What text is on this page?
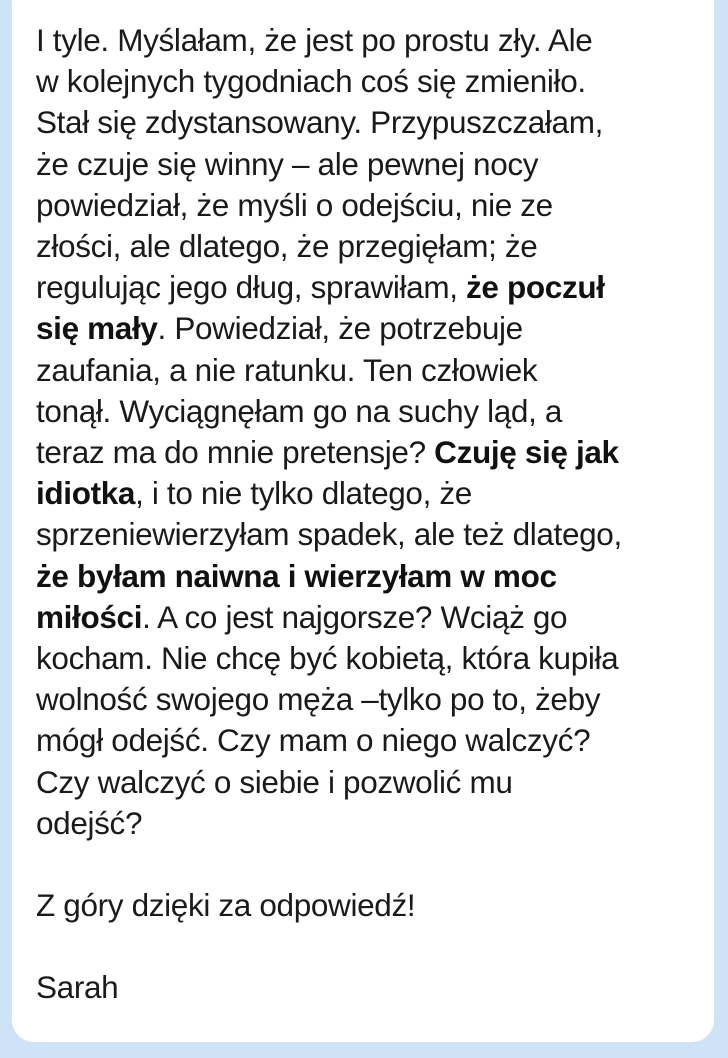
I tyle. Myślałam, że jest po prostu zły. Ale

w kolejnych tygodniach coś się zmieniło.

Stał się zdystansowany. Przypuszczałam,

że czuje się winny – ale pewnej nocy

powiedział, że myśli o odejściu, nie ze

złości, ale dlatego, że przegięłam; że

regulując jego dług, sprawiłam, że poczuł

się mały. Powiedział, że potrzebuje

zaufania, a nie ratunku. Ten człowiek

tonął. Wyciągnęłam go na suchy ląd, a

teraz ma do mnie pretensje? Czuję się jak

idiotka, i to nie tylko dlatego, że

sprzeniewierzyłam spadek, ale też dlatego,

że byłam naiwna i wierzyłam w moc

miłości. A co jest najgorsze? Wciąż go

kocham. Nie chcę być kobietą, która kupiła

wolność swojego męża –tylko po to, żeby

mógł odejść. Czy mam o niego walczyć?

Czy walczyć o siebie i pozwolić mu

odejść?

Z góry dzięki za odpowiedź!

Sarah
